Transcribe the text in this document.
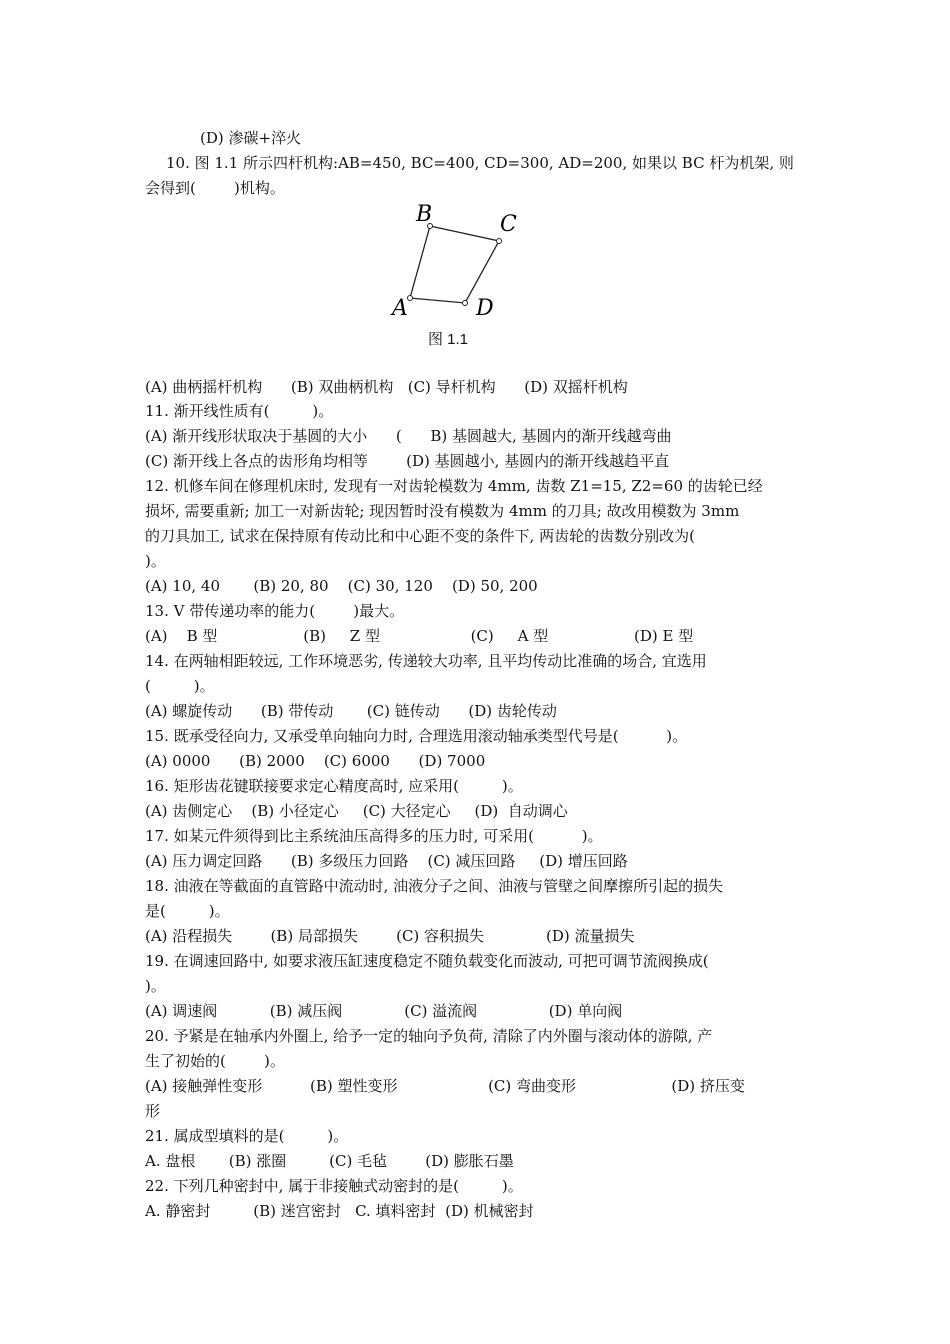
(D) 渗碳+淬火
10. 图 1.1 所示四杆机构:AB=450, BC=400, CD=300, AD=200, 如果以 BC 杆为机架, 则
会得到(        )机构。
A
B	C
D
图 1.1
(A) 曲柄摇杆机构      (B) 双曲柄机构   (C) 导杆机构      (D) 双摇杆机构
11. 渐开线性质有(         )。
(A) 渐开线形状取决于基圆的大小      (      B) 基圆越大, 基圆内的渐开线越弯曲
(C) 渐开线上各点的齿形角均相等        (D) 基圆越小, 基圆内的渐开线越趋平直
12. 机修车间在修理机床时, 发现有一对齿轮模数为 4mm, 齿数 Z1=15, Z2=60 的齿轮已经
损坏, 需要重新; 加工一对新齿轮; 现因暂时没有模数为 4mm 的刀具; 故改用模数为 3mm
的刀具加工, 试求在保持原有传动比和中心距不变的条件下, 两齿轮的齿数分别改为(
)。
(A) 10, 40       (B) 20, 80    (C) 30, 120    (D) 50, 200
13. V 带传递功率的能力(        )最大。
(A)    B 型                  (B)     Z 型                   (C)     A 型                  (D) E 型
14. 在两轴相距较远, 工作环境恶劣, 传递较大功率, 且平均传动比准确的场合, 宜选用
(         )。
(A) 螺旋传动      (B) 带传动       (C) 链传动      (D) 齿轮传动
15. 既承受径向力, 又承受单向轴向力时, 合理选用滚动轴承类型代号是(          )。
(A) 0000      (B) 2000    (C) 6000      (D) 7000
16. 矩形齿花键联接要求定心精度高时, 应采用(         )。
(A) 齿侧定心    (B) 小径定心     (C) 大径定心     (D)  自动调心
17. 如某元件须得到比主系统油压高得多的压力时, 可采用(          )。
(A) 压力调定回路      (B) 多级压力回路    (C) 减压回路     (D) 增压回路
18. 油液在等截面的直管路中流动时, 油液分子之间、油液与管壁之间摩擦所引起的损失
是(         )。
(A) 沿程损失        (B) 局部损失        (C) 容积损失             (D) 流量损失
19. 在调速回路中, 如要求液压缸速度稳定不随负载变化而波动, 可把可调节流阀换成(
)。
(A) 调速阀           (B) 减压阀             (C) 溢流阀               (D) 单向阀
20. 予紧是在轴承内外圈上, 给予一定的轴向予负荷, 清除了内外圈与滚动体的游隙, 产
生了初始的(        )。
(A) 接触弹性变形          (B) 塑性变形                   (C) 弯曲变形                    (D) 挤压变
形
21. 属成型填料的是(         )。
A. 盘根       (B) 涨圈         (C) 毛毡        (D) 膨胀石墨
22. 下列几种密封中, 属于非接触式动密封的是(         )。
A. 静密封         (B) 迷宫密封   C. 填料密封  (D) 机械密封
